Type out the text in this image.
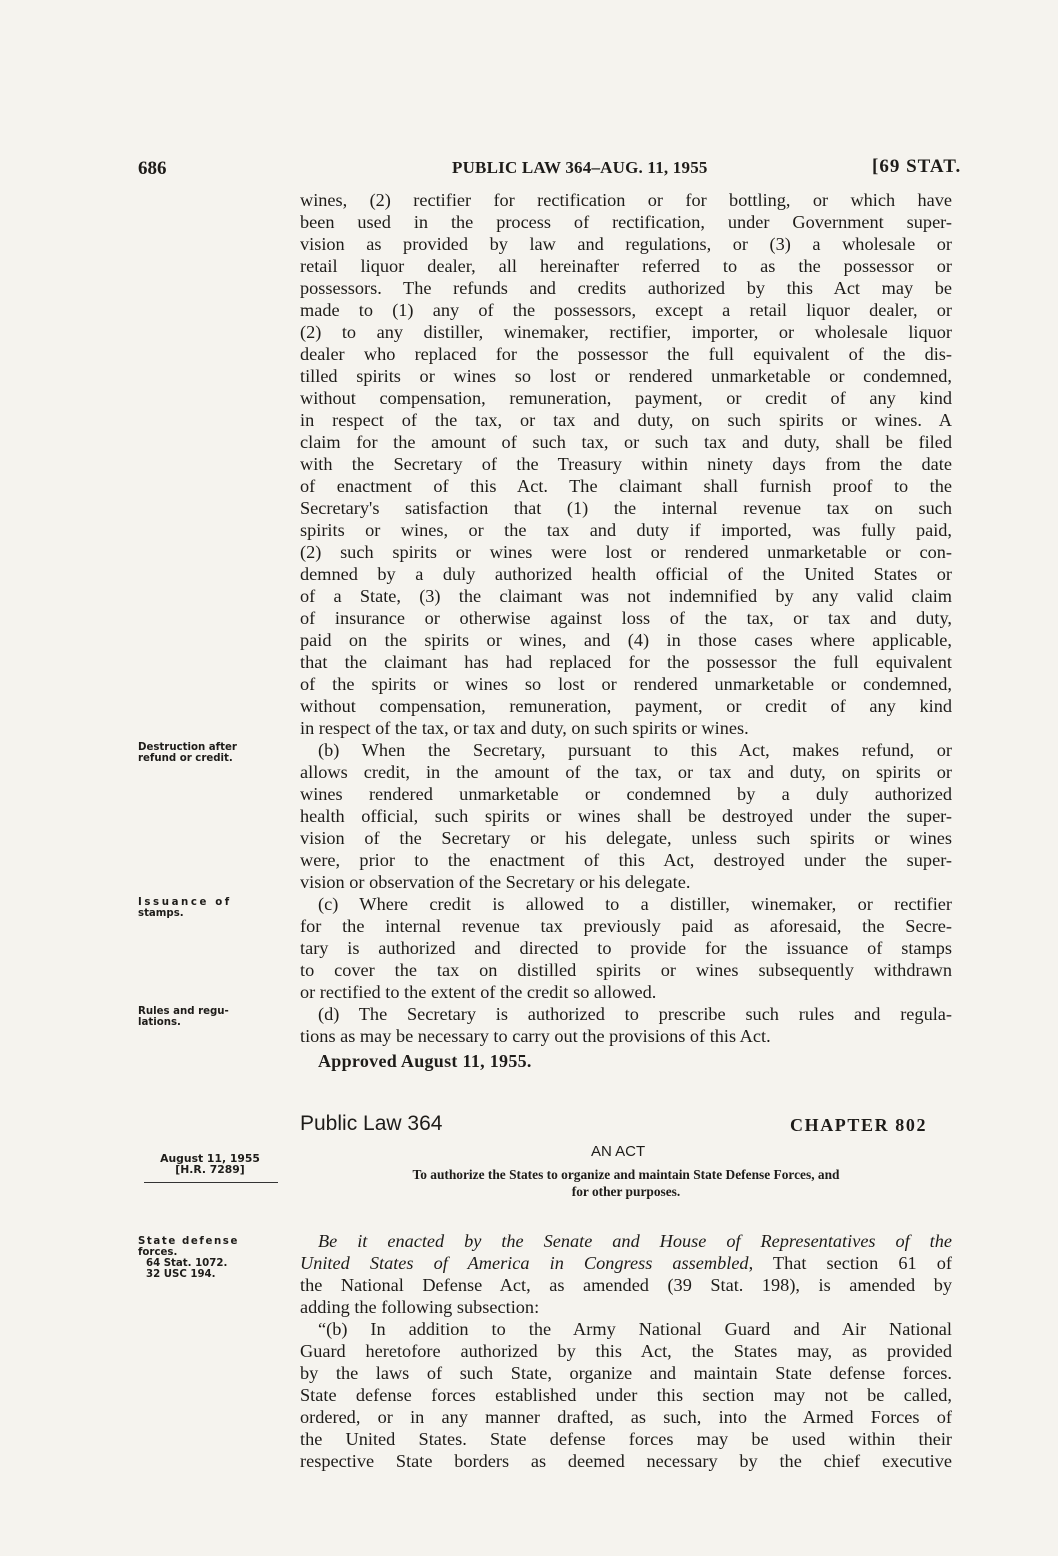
686	PUBLIC LAW 364–AUG. 11, 1955	[69 STAT.
wines, (2) rectifier for rectification or for bottling, or which have
been used in the process of rectification, under Government super-
vision as provided by law and regulations, or (3) a wholesale or
retail liquor dealer, all hereinafter referred to as the possessor or
possessors. The refunds and credits authorized by this Act may be
made to (1) any of the possessors, except a retail liquor dealer, or
(2) to any distiller, winemaker, rectifier, importer, or wholesale liquor
dealer who replaced for the possessor the full equivalent of the dis-
tilled spirits or wines so lost or rendered unmarketable or condemned,
without compensation, remuneration, payment, or credit of any kind
in respect of the tax, or tax and duty, on such spirits or wines. A
claim for the amount of such tax, or such tax and duty, shall be filed
with the Secretary of the Treasury within ninety days from the date
of enactment of this Act. The claimant shall furnish proof to the
Secretary's satisfaction that (1) the internal revenue tax on such
spirits or wines, or the tax and duty if imported, was fully paid,
(2) such spirits or wines were lost or rendered unmarketable or con-
demned by a duly authorized health official of the United States or
of a State, (3) the claimant was not indemnified by any valid claim
of insurance or otherwise against loss of the tax, or tax and duty,
paid on the spirits or wines, and (4) in those cases where applicable,
that the claimant has had replaced for the possessor the full equivalent
of the spirits or wines so lost or rendered unmarketable or condemned,
without compensation, remuneration, payment, or credit of any kind
in respect of the tax, or tax and duty, on such spirits or wines.
(b) When the Secretary, pursuant to this Act, makes refund, or
allows credit, in the amount of the tax, or tax and duty, on spirits or
wines rendered unmarketable or condemned by a duly authorized
health official, such spirits or wines shall be destroyed under the super-
vision of the Secretary or his delegate, unless such spirits or wines
were, prior to the enactment of this Act, destroyed under the super-
vision or observation of the Secretary or his delegate.
(c) Where credit is allowed to a distiller, winemaker, or rectifier
for the internal revenue tax previously paid as aforesaid, the Secre-
tary is authorized and directed to provide for the issuance of stamps
to cover the tax on distilled spirits or wines subsequently withdrawn
or rectified to the extent of the credit so allowed.
(d) The Secretary is authorized to prescribe such rules and regula-
tions as may be necessary to carry out the provisions of this Act.
Approved August 11, 1955.
Destruction after
refund or credit.
Issuance of
stamps.
Rules and regu-
lations.
Public Law 364	CHAPTER 802
AN ACT
August 11, 1955
[H.R. 7289]	To authorize the States to organize and maintain State Defense Forces, and
for other purposes.
State defense
forces.
64 Stat. 1072.
32 USC 194.
Be it enacted by the Senate and House of Representatives of the
United States of America in Congress assembled, That section 61 of
the National Defense Act, as amended (39 Stat. 198), is amended by
adding the following subsection:
“(b) In addition to the Army National Guard and Air National
Guard heretofore authorized by this Act, the States may, as provided
by the laws of such State, organize and maintain State defense forces.
State defense forces established under this section may not be called,
ordered, or in any manner drafted, as such, into the Armed Forces of
the United States. State defense forces may be used within their
respective State borders as deemed necessary by the chief executive
